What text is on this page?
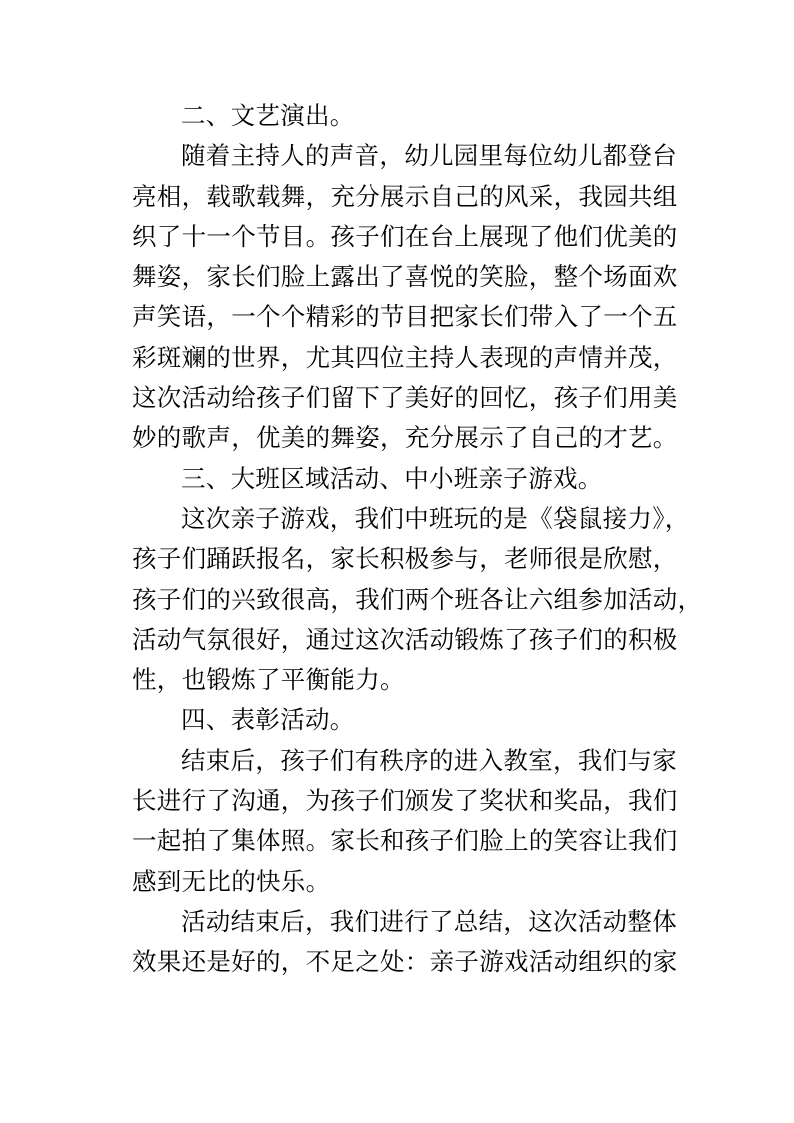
二、文艺演出。
随着主持人的声音，幼儿园里每位幼儿都登台
亮相，载歌载舞，充分展示自己的风采，我园共组
织了十一个节目。孩子们在台上展现了他们优美的
舞姿，家长们脸上露出了喜悦的笑脸，整个场面欢
声笑语，一个个精彩的节目把家长们带入了一个五
彩斑斓的世界，尤其四位主持人表现的声情并茂，
这次活动给孩子们留下了美好的回忆，孩子们用美
妙的歌声，优美的舞姿，充分展示了自己的才艺。
三、大班区域活动、中小班亲子游戏。
这次亲子游戏，我们中班玩的是《袋鼠接力》，
孩子们踊跃报名，家长积极参与，老师很是欣慰，
孩子们的兴致很高，我们两个班各让六组参加活动，
活动气氛很好，通过这次活动锻炼了孩子们的积极
性，也锻炼了平衡能力。
四、表彰活动。
结束后，孩子们有秩序的进入教室，我们与家
长进行了沟通，为孩子们颁发了奖状和奖品，我们
一起拍了集体照。家长和孩子们脸上的笑容让我们
感到无比的快乐。
活动结束后，我们进行了总结，这次活动整体
效果还是好的，不足之处：亲子游戏活动组织的家
